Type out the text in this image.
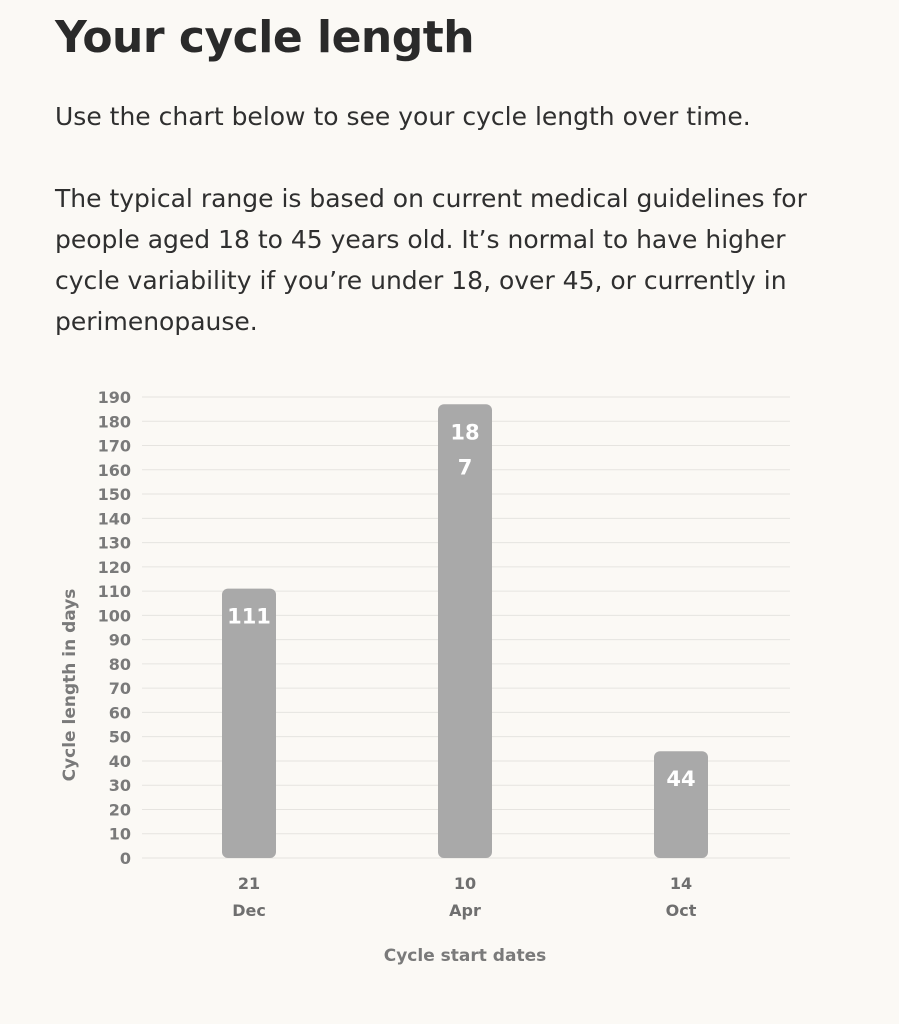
Your cycle length

Use the chart below to see your cycle length over time.

The typical range is based on current medical guidelines for people aged 18 to 45 years old. It’s normal to have higher cycle variability if you’re under 18, over 45, or currently in perimenopause.

0
10
20
30
40
50
60
70
80
90
100
110
120
130
140
150
160
170
180
190
111
18
7
44
21
Dec
10
Apr
14
Oct
Cycle length in days
Cycle start dates
